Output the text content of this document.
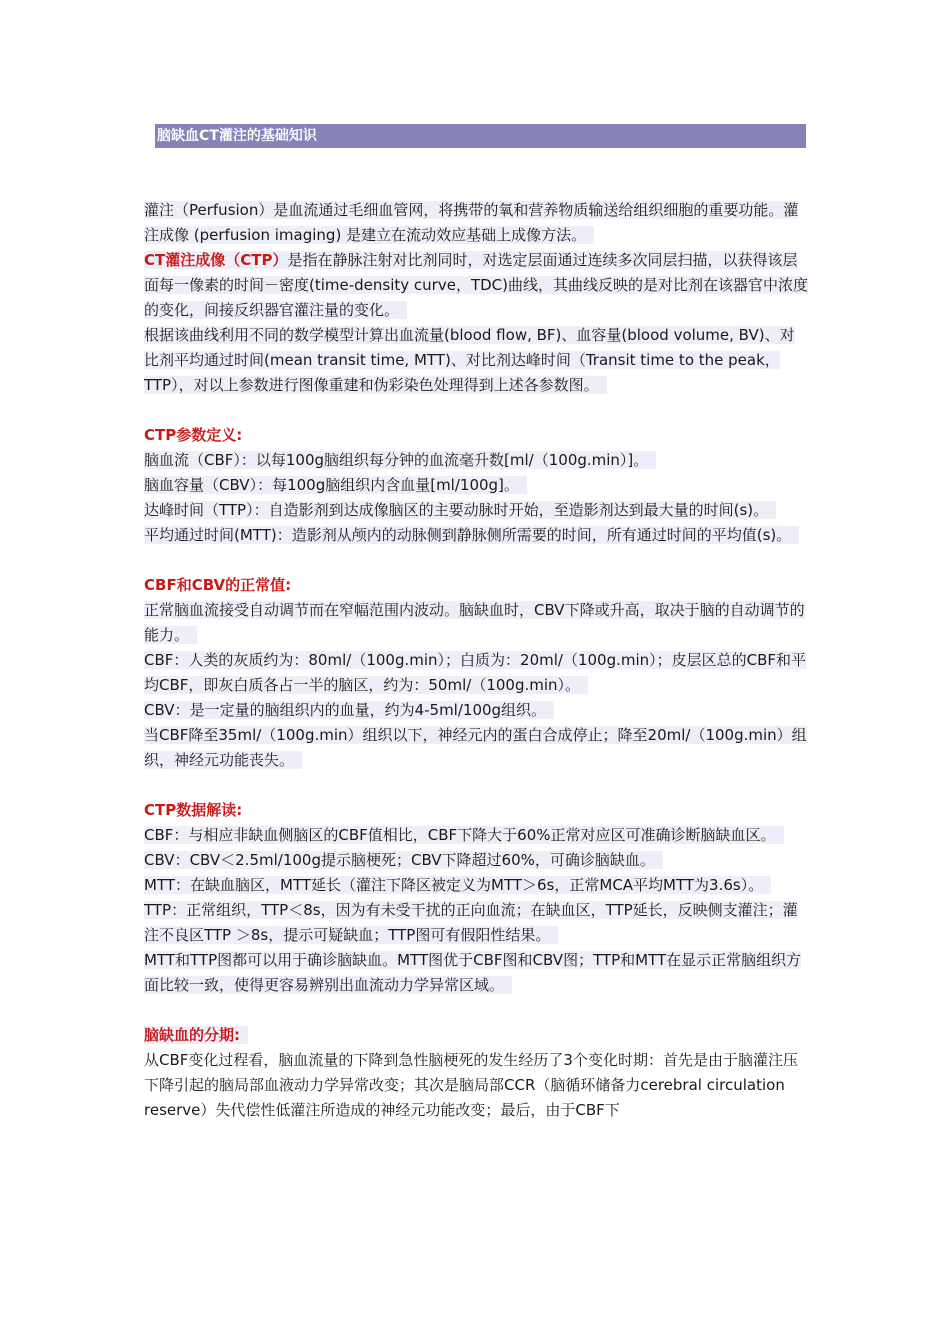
脑缺血CT灌注的基础知识

灌注（Perfusion）是血流通过毛细血管网，将携带的氧和营养物质输送给组织细胞的重要功能。灌注成像 (perfusion imaging) 是建立在流动效应基础上成像方法。

CT灌注成像（CTP）是指在静脉注射对比剂同时，对选定层面通过连续多次同层扫描，以获得该层面每一像素的时间－密度(time-density curve，TDC)曲线，其曲线反映的是对比剂在该器官中浓度的变化，间接反织器官灌注量的变化。

根据该曲线利用不同的数学模型计算出血流量(blood flow, BF)、血容量(blood volume, BV)、对比剂平均通过时间(mean transit time, MTT)、对比剂达峰时间（Transit time to the peak，TTP），对以上参数进行图像重建和伪彩染色处理得到上述各参数图。

CTP参数定义:

脑血流（CBF）：以每100g脑组织每分钟的血流毫升数[ml/（100g.min）]。

脑血容量（CBV）：每100g脑组织内含血量[ml/100g]。

达峰时间（TTP）：自造影剂到达成像脑区的主要动脉时开始，至造影剂达到最大量的时间(s)。

平均通过时间(MTT)：造影剂从颅内的动脉侧到静脉侧所需要的时间，所有通过时间的平均值(s)。

CBF和CBV的正常值:

正常脑血流接受自动调节而在窄幅范围内波动。脑缺血时，CBV下降或升高，取决于脑的自动调节的能力。

CBF：人类的灰质约为：80ml/（100g.min）；白质为：20ml/（100g.min）；皮层区总的CBF和平均CBF，即灰白质各占一半的脑区，约为：50ml/（100g.min）。

CBV：是一定量的脑组织内的血量，约为4-5ml/100g组织。

当CBF降至35ml/（100g.min）组织以下，神经元内的蛋白合成停止；降至20ml/（100g.min）组织，神经元功能丧失。

CTP数据解读:

CBF：与相应非缺血侧脑区的CBF值相比，CBF下降大于60%正常对应区可准确诊断脑缺血区。

CBV：CBV＜2.5ml/100g提示脑梗死；CBV下降超过60%，可确诊脑缺血。

MTT：在缺血脑区，MTT延长（灌注下降区被定义为MTT＞6s，正常MCA平均MTT为3.6s）。

TTP：正常组织，TTP＜8s，因为有未受干扰的正向血流；在缺血区，TTP延长，反映侧支灌注；灌注不良区TTP ＞8s，提示可疑缺血；TTP图可有假阳性结果。

MTT和TTP图都可以用于确诊脑缺血。MTT图优于CBF图和CBV图；TTP和MTT在显示正常脑组织方面比较一致，使得更容易辨别出血流动力学异常区域。

脑缺血的分期:

从CBF变化过程看，脑血流量的下降到急性脑梗死的发生经历了3个变化时期：首先是由于脑灌注压下降引起的脑局部血液动力学异常改变；其次是脑局部CCR（脑循环储备力cerebral circulation reserve）失代偿性低灌注所造成的神经元功能改变；最后，由于CBF下
